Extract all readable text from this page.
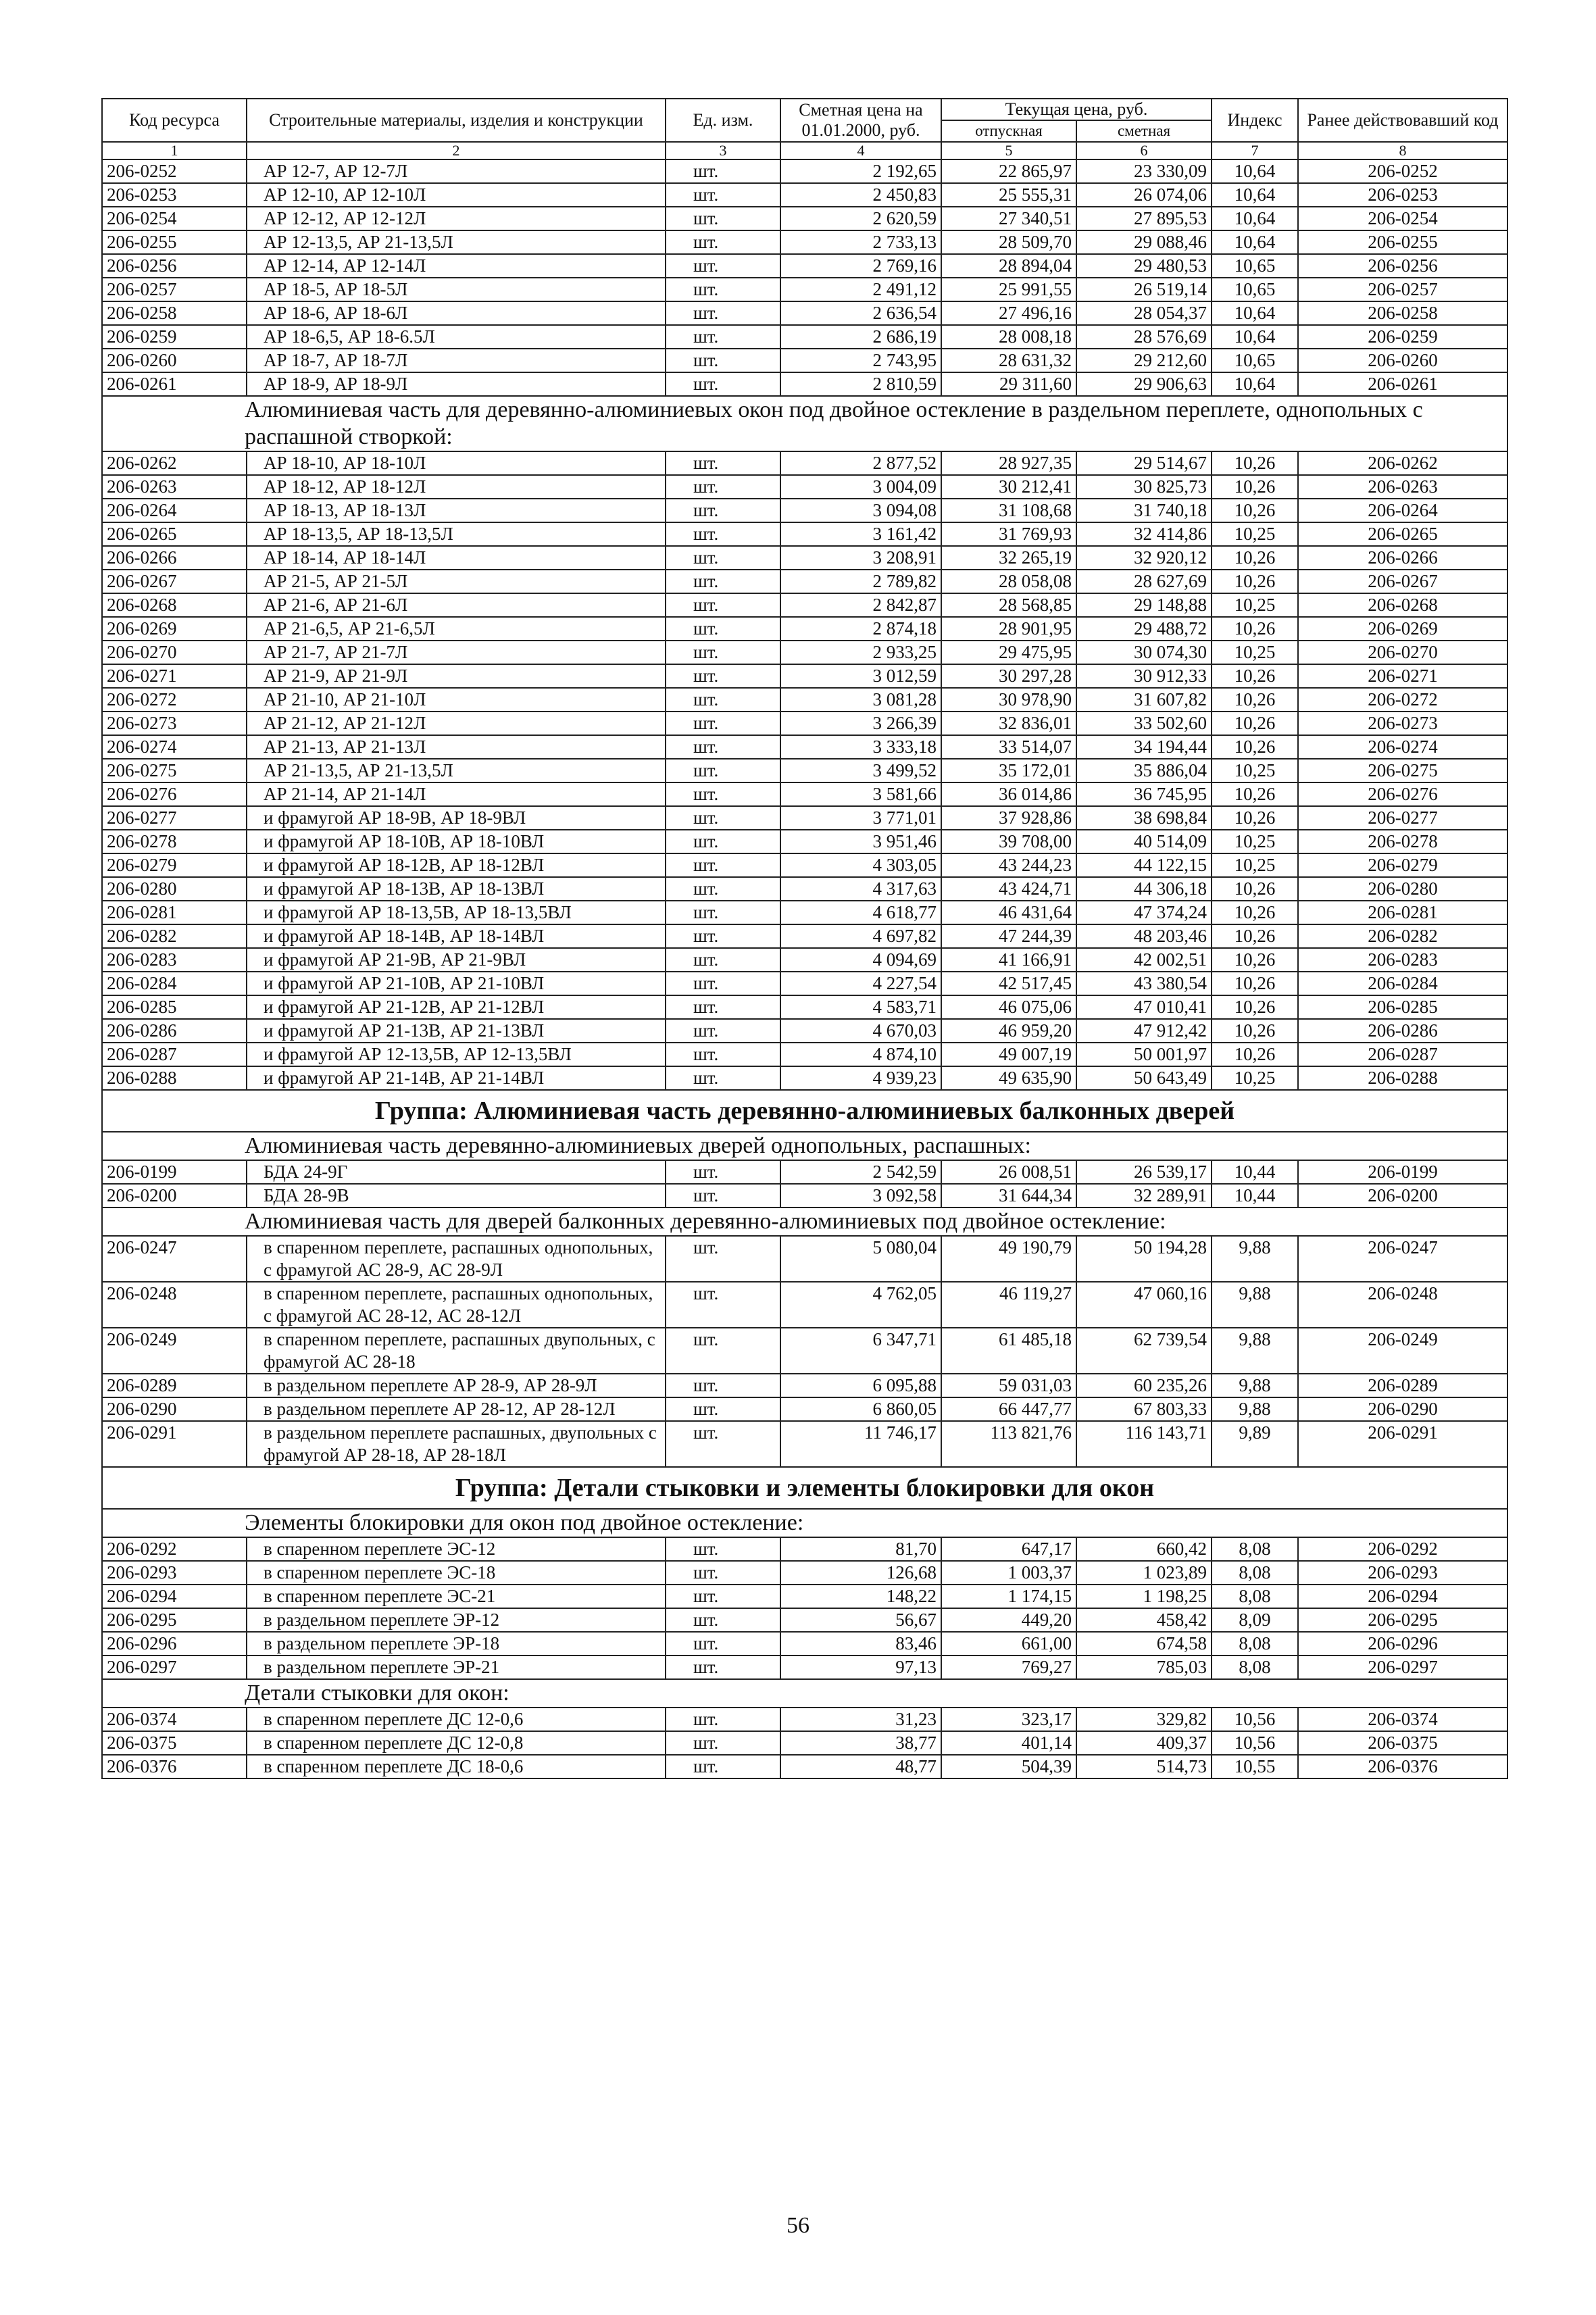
Код ресурса	Строительные материалы, изделия и конструкции	Ед. изм.	Сметная цена на 01.01.2000, руб.	Текущая цена, руб.		Индекс	Ранее действовавший код
				отпускная	сметная		
1	2	3	4	5	6	7	8
206-0252	АР 12-7, АР 12-7Л	шт.	2 192,65	22 865,97	23 330,09	10,64	206-0252
206-0253	АР 12-10, АР 12-10Л	шт.	2 450,83	25 555,31	26 074,06	10,64	206-0253
206-0254	АР 12-12, АР 12-12Л	шт.	2 620,59	27 340,51	27 895,53	10,64	206-0254
206-0255	АР 12-13,5, АР 21-13,5Л	шт.	2 733,13	28 509,70	29 088,46	10,64	206-0255
206-0256	АР 12-14, АР 12-14Л	шт.	2 769,16	28 894,04	29 480,53	10,65	206-0256
206-0257	АР 18-5, АР 18-5Л	шт.	2 491,12	25 991,55	26 519,14	10,65	206-0257
206-0258	АР 18-6, АР 18-6Л	шт.	2 636,54	27 496,16	28 054,37	10,64	206-0258
206-0259	АР 18-6,5, АР 18-6.5Л	шт.	2 686,19	28 008,18	28 576,69	10,64	206-0259
206-0260	АР 18-7, АР 18-7Л	шт.	2 743,95	28 631,32	29 212,60	10,65	206-0260
206-0261	АР 18-9, АР 18-9Л	шт.	2 810,59	29 311,60	29 906,63	10,64	206-0261
Алюминиевая часть для деревянно-алюминиевых окон под двойное остекление в раздельном переплете, однопольных с распашной створкой:							
206-0262	АР 18-10, АР 18-10Л	шт.	2 877,52	28 927,35	29 514,67	10,26	206-0262
206-0263	АР 18-12, АР 18-12Л	шт.	3 004,09	30 212,41	30 825,73	10,26	206-0263
206-0264	АР 18-13, АР 18-13Л	шт.	3 094,08	31 108,68	31 740,18	10,26	206-0264
206-0265	АР 18-13,5, АР 18-13,5Л	шт.	3 161,42	31 769,93	32 414,86	10,25	206-0265
206-0266	АР 18-14, АР 18-14Л	шт.	3 208,91	32 265,19	32 920,12	10,26	206-0266
206-0267	АР 21-5, АР 21-5Л	шт.	2 789,82	28 058,08	28 627,69	10,26	206-0267
206-0268	АР 21-6, АР 21-6Л	шт.	2 842,87	28 568,85	29 148,88	10,25	206-0268
206-0269	АР 21-6,5, АР 21-6,5Л	шт.	2 874,18	28 901,95	29 488,72	10,26	206-0269
206-0270	АР 21-7, АР 21-7Л	шт.	2 933,25	29 475,95	30 074,30	10,25	206-0270
206-0271	АР 21-9, АР 21-9Л	шт.	3 012,59	30 297,28	30 912,33	10,26	206-0271
206-0272	АР 21-10, АР 21-10Л	шт.	3 081,28	30 978,90	31 607,82	10,26	206-0272
206-0273	АР 21-12, АР 21-12Л	шт.	3 266,39	32 836,01	33 502,60	10,26	206-0273
206-0274	АР 21-13, АР 21-13Л	шт.	3 333,18	33 514,07	34 194,44	10,26	206-0274
206-0275	АР 21-13,5, АР 21-13,5Л	шт.	3 499,52	35 172,01	35 886,04	10,25	206-0275
206-0276	АР 21-14, АР 21-14Л	шт.	3 581,66	36 014,86	36 745,95	10,26	206-0276
206-0277	и фрамугой АР 18-9В, АР 18-9ВЛ	шт.	3 771,01	37 928,86	38 698,84	10,26	206-0277
206-0278	и фрамугой АР 18-10В, АР 18-10ВЛ	шт.	3 951,46	39 708,00	40 514,09	10,25	206-0278
206-0279	и фрамугой АР 18-12В, АР 18-12ВЛ	шт.	4 303,05	43 244,23	44 122,15	10,25	206-0279
206-0280	и фрамугой АР 18-13В, АР 18-13ВЛ	шт.	4 317,63	43 424,71	44 306,18	10,26	206-0280
206-0281	и фрамугой АР 18-13,5В, АР 18-13,5ВЛ	шт.	4 618,77	46 431,64	47 374,24	10,26	206-0281
206-0282	и фрамугой АР 18-14В, АР 18-14ВЛ	шт.	4 697,82	47 244,39	48 203,46	10,26	206-0282
206-0283	и фрамугой АР 21-9В, АР 21-9ВЛ	шт.	4 094,69	41 166,91	42 002,51	10,26	206-0283
206-0284	и фрамугой АР 21-10В, АР 21-10ВЛ	шт.	4 227,54	42 517,45	43 380,54	10,26	206-0284
206-0285	и фрамугой АР 21-12В, АР 21-12ВЛ	шт.	4 583,71	46 075,06	47 010,41	10,26	206-0285
206-0286	и фрамугой АР 21-13В, АР 21-13ВЛ	шт.	4 670,03	46 959,20	47 912,42	10,26	206-0286
206-0287	и фрамугой АР 12-13,5В, АР 12-13,5ВЛ	шт.	4 874,10	49 007,19	50 001,97	10,26	206-0287
206-0288	и фрамугой АР 21-14В, АР 21-14ВЛ	шт.	4 939,23	49 635,90	50 643,49	10,25	206-0288
Группа: Алюминиевая часть деревянно-алюминиевых балконных дверей							
Алюминиевая часть деревянно-алюминиевых дверей однопольных, распашных:							
206-0199	БДА 24-9Г	шт.	2 542,59	26 008,51	26 539,17	10,44	206-0199
206-0200	БДА 28-9В	шт.	3 092,58	31 644,34	32 289,91	10,44	206-0200
Алюминиевая часть для дверей балконных деревянно-алюминиевых под двойное остекление:							
206-0247	в спаренном переплете, распашных однопольных, с фрамугой АС 28-9, АС 28-9Л	шт.	5 080,04	49 190,79	50 194,28	9,88	206-0247
206-0248	в спаренном переплете, распашных однопольных, с фрамугой АС 28-12, АС 28-12Л	шт.	4 762,05	46 119,27	47 060,16	9,88	206-0248
206-0249	в спаренном переплете, распашных двупольных, с фрамугой АС 28-18	шт.	6 347,71	61 485,18	62 739,54	9,88	206-0249
206-0289	в раздельном переплете АР 28-9, АР 28-9Л	шт.	6 095,88	59 031,03	60 235,26	9,88	206-0289
206-0290	в раздельном переплете АР 28-12, АР 28-12Л	шт.	6 860,05	66 447,77	67 803,33	9,88	206-0290
206-0291	в раздельном переплете распашных, двупольных с фрамугой АР 28-18, АР 28-18Л	шт.	11 746,17	113 821,76	116 143,71	9,89	206-0291
Группа: Детали стыковки и элементы блокировки для окон							
Элементы блокировки для окон под двойное остекление:							
206-0292	в спаренном переплете ЭС-12	шт.	81,70	647,17	660,42	8,08	206-0292
206-0293	в спаренном переплете ЭС-18	шт.	126,68	1 003,37	1 023,89	8,08	206-0293
206-0294	в спаренном переплете ЭС-21	шт.	148,22	1 174,15	1 198,25	8,08	206-0294
206-0295	в раздельном переплете ЭР-12	шт.	56,67	449,20	458,42	8,09	206-0295
206-0296	в раздельном переплете ЭР-18	шт.	83,46	661,00	674,58	8,08	206-0296
206-0297	в раздельном переплете ЭР-21	шт.	97,13	769,27	785,03	8,08	206-0297
Детали стыковки для окон:							
206-0374	в спаренном переплете ДС 12-0,6	шт.	31,23	323,17	329,82	10,56	206-0374
206-0375	в спаренном переплете ДС 12-0,8	шт.	38,77	401,14	409,37	10,56	206-0375
206-0376	в спаренном переплете ДС 18-0,6	шт.	48,77	504,39	514,73	10,55	206-0376
56
